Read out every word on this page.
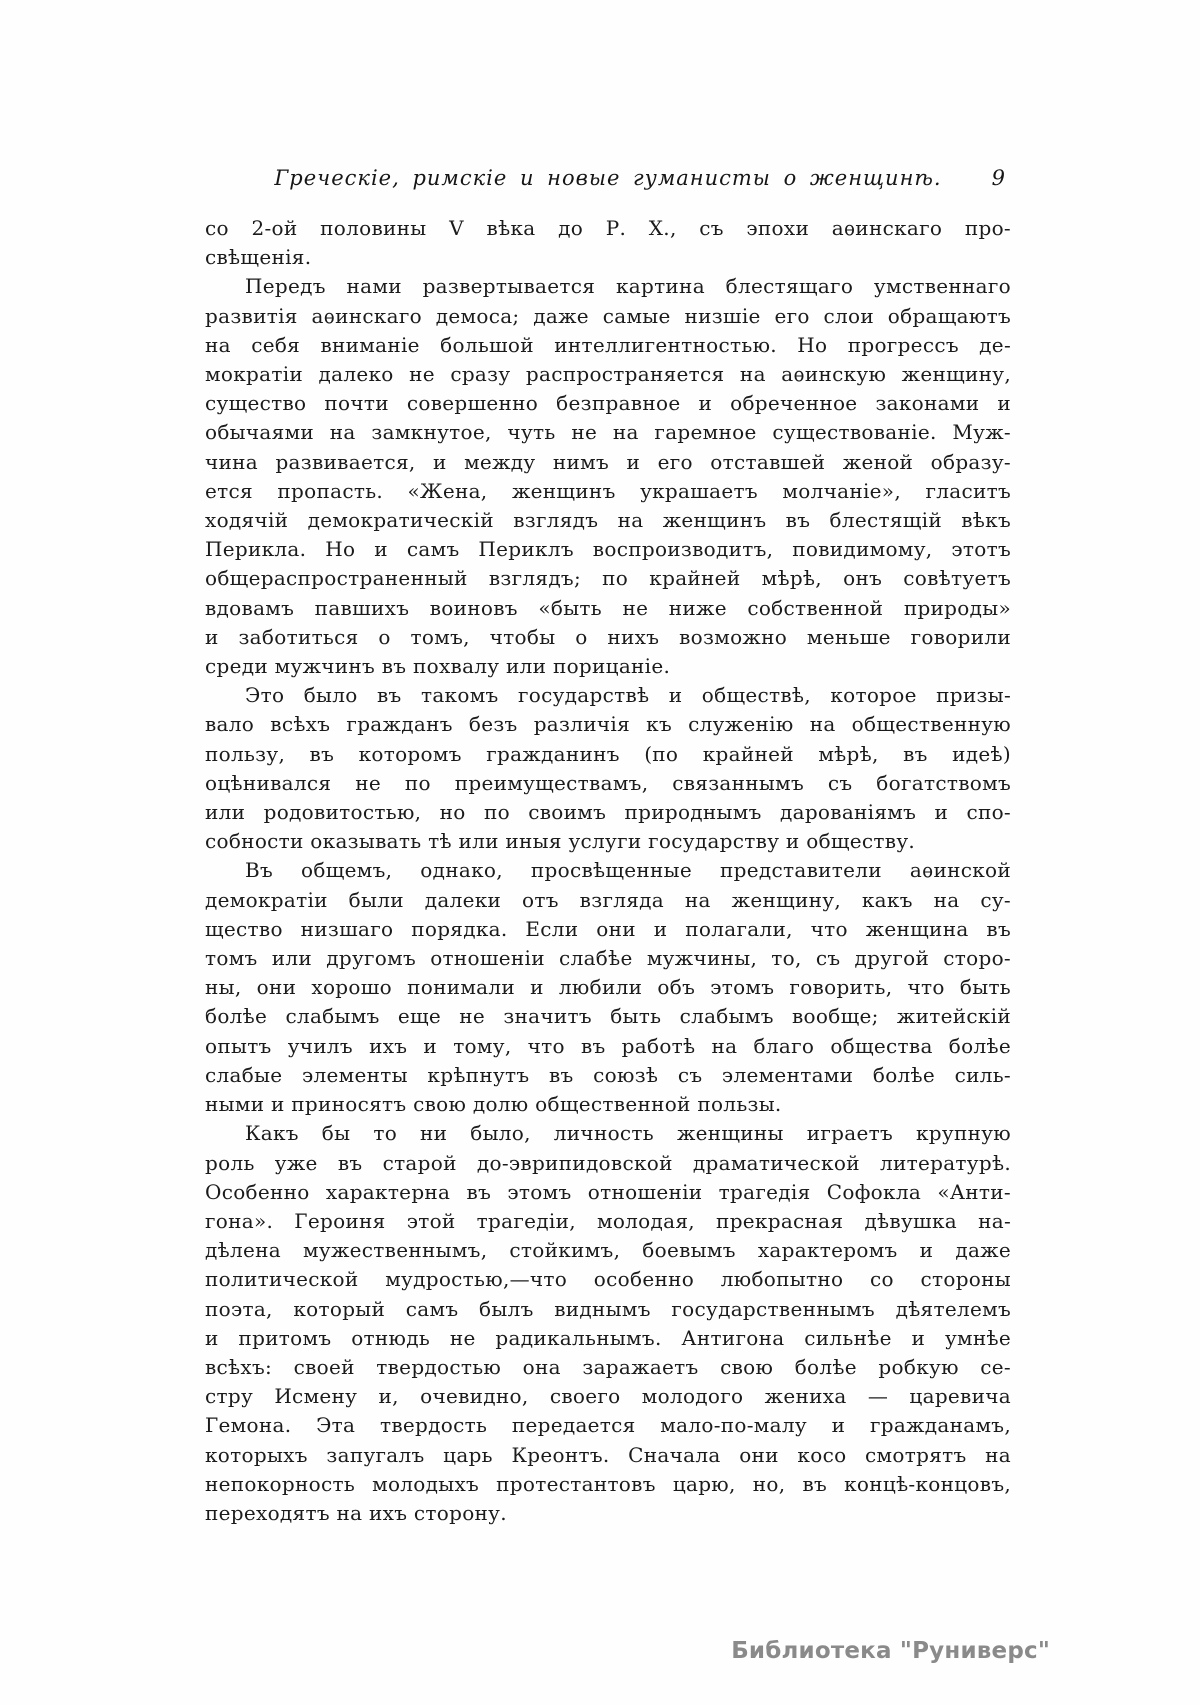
Греческіе, римскіе и новые гуманисты о женщинѣ.	9

со 2-ой половины V вѣка до Р. Х., съ эпохи аѳинскаго про-
свѣщенія.

Передъ нами развертывается картина блестящаго умственнаго
развитія аѳинскаго демоса; даже самые низшіе его слои обращаютъ
на себя вниманіе большой интеллигентностью. Но прогрессъ де-
мократіи далеко не сразу распространяется на аѳинскую женщину,
существо почти совершенно безправное и обреченное законами и
обычаями на замкнутое, чуть не на гаремное существованіе. Муж-
чина развивается, и между нимъ и его отставшей женой образу-
ется пропасть. «Жена, женщинъ украшаетъ молчаніе», гласитъ
ходячій демократическій взглядъ на женщинъ въ блестящій вѣкъ
Перикла. Но и самъ Периклъ воспроизводитъ, повидимому, этотъ
общераспространенный взглядъ; по крайней мѣрѣ, онъ совѣтуетъ
вдовамъ павшихъ воиновъ «быть не ниже собственной природы»
и заботиться о томъ, чтобы о нихъ возможно меньше говорили
среди мужчинъ въ похвалу или порицаніе.

Это было въ такомъ государствѣ и обществѣ, которое призы-
вало всѣхъ гражданъ безъ различія къ служенію на общественную
пользу, въ которомъ гражданинъ (по крайней мѣрѣ, въ идеѣ)
оцѣнивался не по преимуществамъ, связаннымъ съ богатствомъ
или родовитостью, но по своимъ природнымъ дарованіямъ и спо-
собности оказывать тѣ или иныя услуги государству и обществу.

Въ общемъ, однако, просвѣщенные представители аѳинской
демократіи были далеки отъ взгляда на женщину, какъ на су-
щество низшаго порядка. Если они и полагали, что женщина въ
томъ или другомъ отношеніи слабѣе мужчины, то, съ другой сторо-
ны, они хорошо понимали и любили объ этомъ говорить, что быть
болѣе слабымъ еще не значитъ быть слабымъ вообще; житейскій
опытъ училъ ихъ и тому, что въ работѣ на благо общества болѣе
слабые элементы крѣпнутъ въ союзѣ съ элементами болѣе силь-
ными и приносятъ свою долю общественной пользы.

Какъ бы то ни было, личность женщины играетъ крупную
роль уже въ старой до-эврипидовской драматической литературѣ.
Особенно характерна въ этомъ отношеніи трагедія Софокла «Анти-
гона». Героиня этой трагедіи, молодая, прекрасная дѣвушка на-
дѣлена мужественнымъ, стойкимъ, боевымъ характеромъ и даже
политической мудростью,—что особенно любопытно со стороны
поэта, который самъ былъ виднымъ государственнымъ дѣятелемъ
и притомъ отнюдь не радикальнымъ. Антигона сильнѣе и умнѣе
всѣхъ: своей твердостью она заражаетъ свою болѣе робкую се-
стру Исмену и, очевидно, своего молодого жениха — царевича
Гемона. Эта твердость передается мало-по-малу и гражданамъ,
которыхъ запугалъ царь Креонтъ. Сначала они косо смотрятъ на
непокорность молодыхъ протестантовъ царю, но, въ концѣ-концовъ,
переходятъ на ихъ сторону.

Библиотека "Руниверс"
